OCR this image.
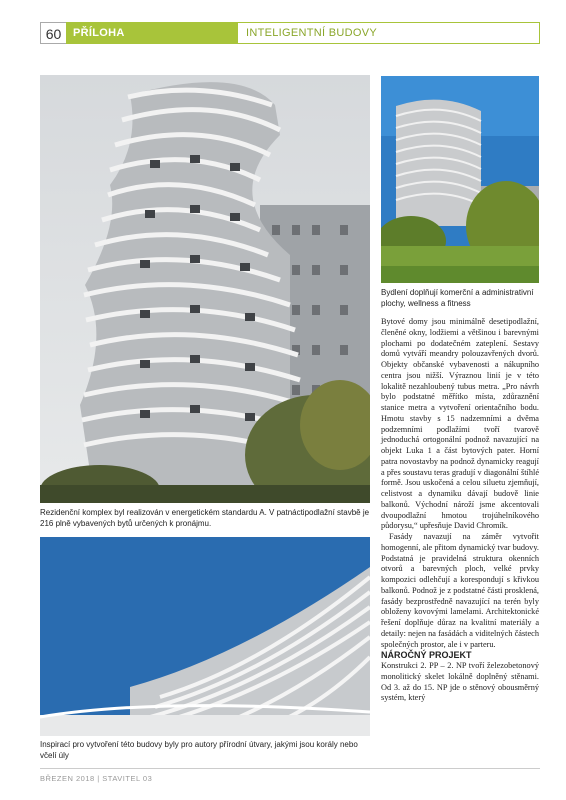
60	PŘÍLOHA	INTELIGENTNÍ BUDOVY
Rezidenční komplex byl realizován v energetickém standardu A. V patnáctipodlažní stavbě je 216 plně vybavených bytů určených k pronájmu.
Bydlení doplňují komerční a administrativní plochy, wellness a fitness
Inspirací pro vytvoření této budovy byly pro autory přírodní útvary, jakými jsou korály nebo včelí úly

Bytové domy jsou minimálně desetipodlažní, členěné okny, lodžiemi a většinou i barevnými plochami po dodatečném zateplení. Sestavy domů vytváří meandry polouzavřených dvorů. Objekty občanské vybavenosti a nákupního centra jsou nižší. Výraznou linií je v této lokalitě nezahloubený tubus metra. „Pro návrh bylo podstatné měřítko místa, zdůraznění stanice metra a vytvoření orientačního bodu. Hmotu stavby s 15 nadzemními a dvěma podzemními podlažími tvoří tvarově jednoduchá ortogonální podnož navazující na objekt Luka 1 a část bytových pater. Horní patra novostavby na podnož dynamicky reagují a přes soustavu teras gradují v diagonální štíhlé formě. Jsou uskočená a celou siluetu zjemňují, celistvost a dynamiku dávají budově linie balkonů. Východní nároží jsme akcentovali dvoupodlažní hmotou trojúhelníkového půdorysu,“ upřesňuje David Chromík.

Fasády navazují na záměr vytvořit homogenní, ale přitom dynamický tvar budovy. Podstatná je pravidelná struktura okenních otvorů a barevných ploch, velké prvky kompozici odlehčují a korespondují s křivkou balkonů. Podnož je z podstatné části prosklená, fasády bezprostředně navazující na terén byly obloženy kovovými lamelami. Architektonické řešení doplňuje důraz na kvalitní materiály a detaily: nejen na fasádách a viditelných částech společných prostor, ale i v parteru.

NÁROČNÝ PROJEKT

Konstrukci 2. PP – 2. NP tvoří železobetonový monolitický skelet lokálně doplněný stěnami. Od 3. až do 15. NP jde o stěnový obousměrný systém, který

BŘEZEN 2018 | STAVITEL 03
